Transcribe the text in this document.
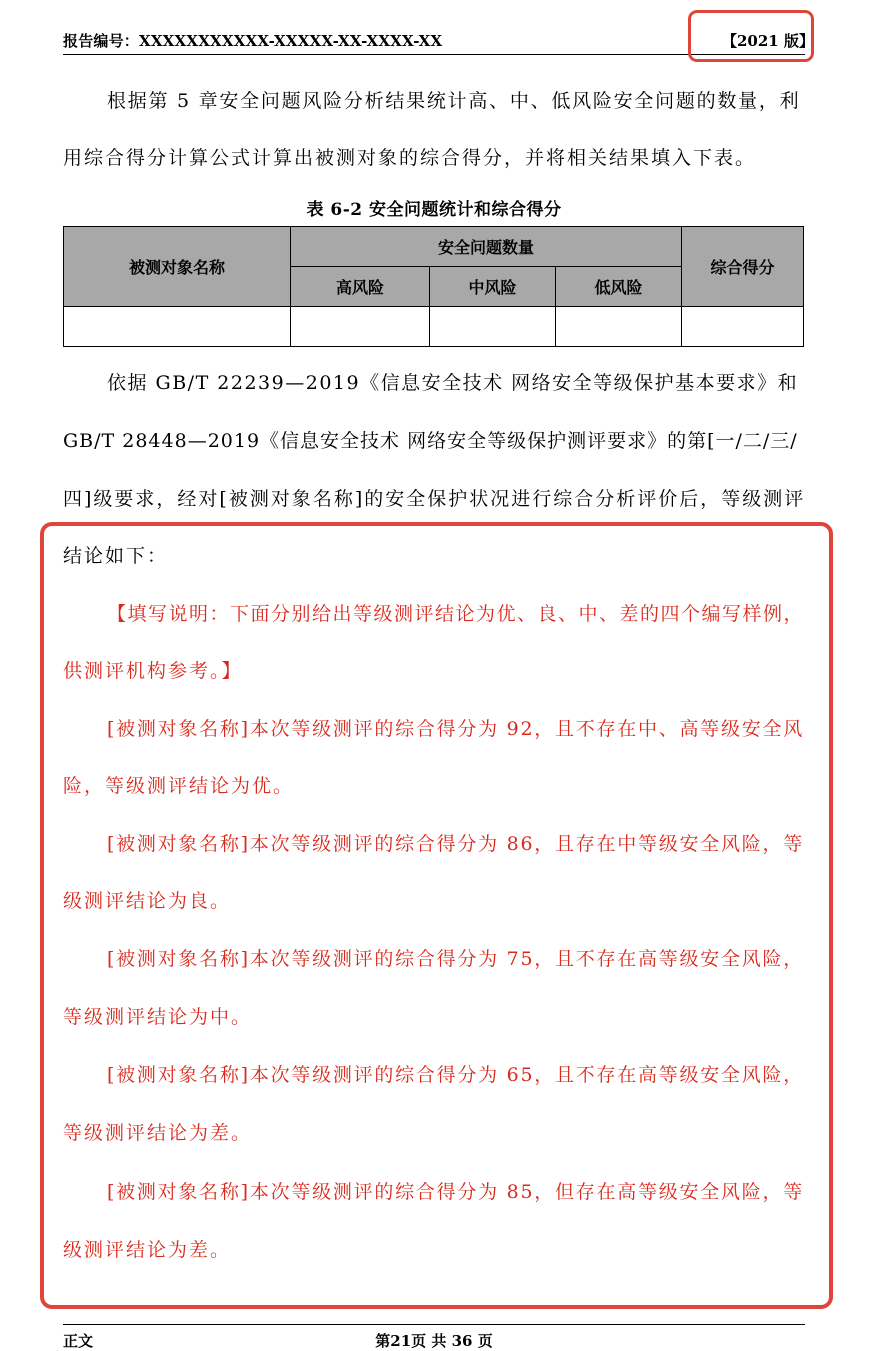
报告编号：XXXXXXXXXXX-XXXXX-XX-XXXX-XX	【2021 版】
根据第 5 章安全问题风险分析结果统计高、中、低风险安全问题的数量，利
用综合得分计算公式计算出被测对象的综合得分，并将相关结果填入下表。
表 6-2 安全问题统计和综合得分
被测对象名称	安全问题数量			综合得分
	高风险	中风险	低风险	

依据 GB/T 22239—2019《信息安全技术 网络安全等级保护基本要求》和
GB/T 28448—2019《信息安全技术 网络安全等级保护测评要求》的第[一/二/三/
四]级要求，经对[被测对象名称]的安全保护状况进行综合分析评价后，等级测评
结论如下：
【填写说明：下面分别给出等级测评结论为优、良、中、差的四个编写样例，
供测评机构参考。】
[被测对象名称]本次等级测评的综合得分为 92，且不存在中、高等级安全风
险，等级测评结论为优。
[被测对象名称]本次等级测评的综合得分为 86，且存在中等级安全风险，等
级测评结论为良。
[被测对象名称]本次等级测评的综合得分为 75，且不存在高等级安全风险，
等级测评结论为中。
[被测对象名称]本次等级测评的综合得分为 65，且不存在高等级安全风险，
等级测评结论为差。
[被测对象名称]本次等级测评的综合得分为 85，但存在高等级安全风险，等
级测评结论为差。
正文	第21页 共 36 页
